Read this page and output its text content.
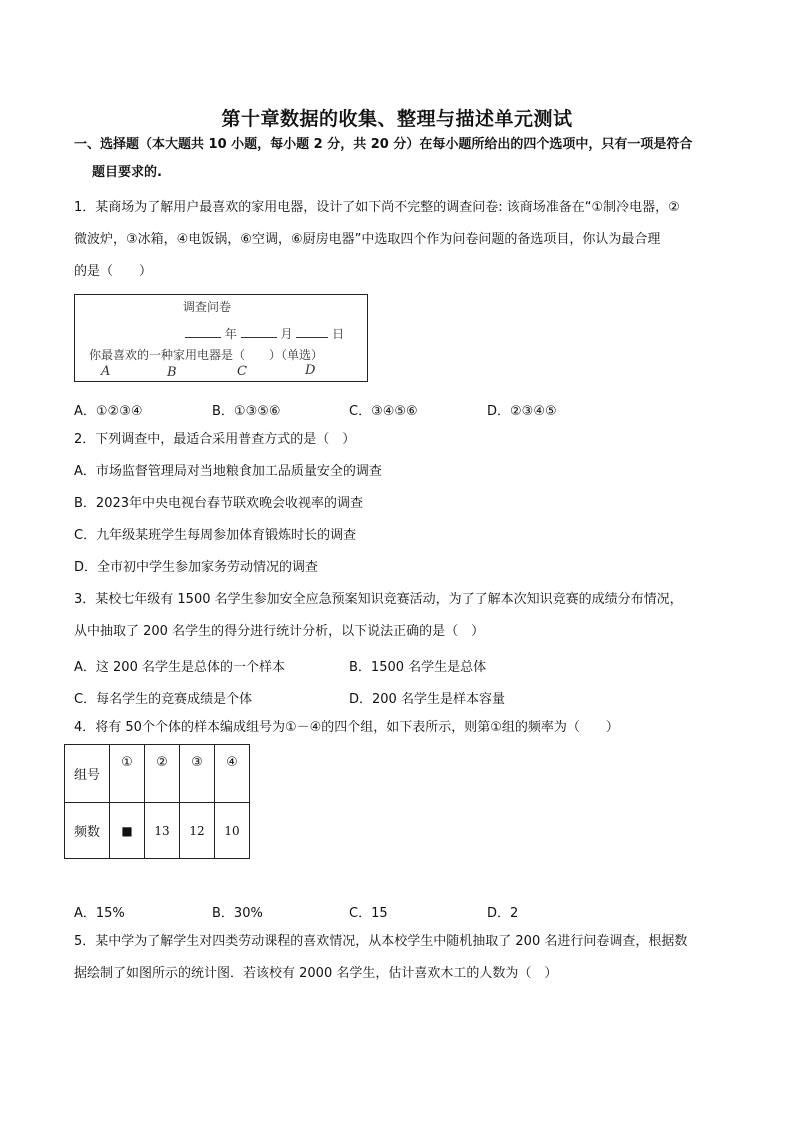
第十章数据的收集、整理与描述单元测试
一、选择题（本大题共 10 小题，每小题 2 分，共 20 分）在每小题所给出的四个选项中，只有一项是符合
题目要求的.
1．某商场为了解用户最喜欢的家用电器，设计了如下尚不完整的调查问卷: 该商场准备在“①制冷电器，②
微波炉，③冰箱，④电饭锅，⑥空调，⑥厨房电器”中选取四个作为问卷问题的备选项目，你认为最合理
的是（　　）
调查问卷
年	月	日
你最喜欢的一种家用电器是（　　）（单选）
A	B	C	D
A．①②③④	B．①③⑤⑥	C．③④⑤⑥	D．②③④⑤
2．下列调查中，最适合采用普查方式的是（　）
A．市场监督管理局对当地粮食加工品质量安全的调查
B．2023年中央电视台春节联欢晚会收视率的调查
C．九年级某班学生每周参加体育锻炼时长的调查
D．全市初中学生参加家务劳动情况的调查
3．某校七年级有 1500 名学生参加安全应急预案知识竞赛活动，为了了解本次知识竞赛的成绩分布情况，
从中抽取了 200 名学生的得分进行统计分析，以下说法正确的是（　）
A．这 200 名学生是总体的一个样本	B．1500 名学生是总体
C．每名学生的竞赛成绩是个体	D．200 名学生是样本容量
4．将有 50个个体的样本编成组号为①－④的四个组，如下表所示，则第①组的频率为（　　）
组号	①	②	③	④
频数	■	13	12	10
A．15%	B．30%	C．15	D．2
5．某中学为了解学生对四类劳动课程的喜欢情况，从本校学生中随机抽取了 200 名进行问卷调查，根据数
据绘制了如图所示的统计图．若该校有 2000 名学生，估计喜欢木工的人数为（　）
